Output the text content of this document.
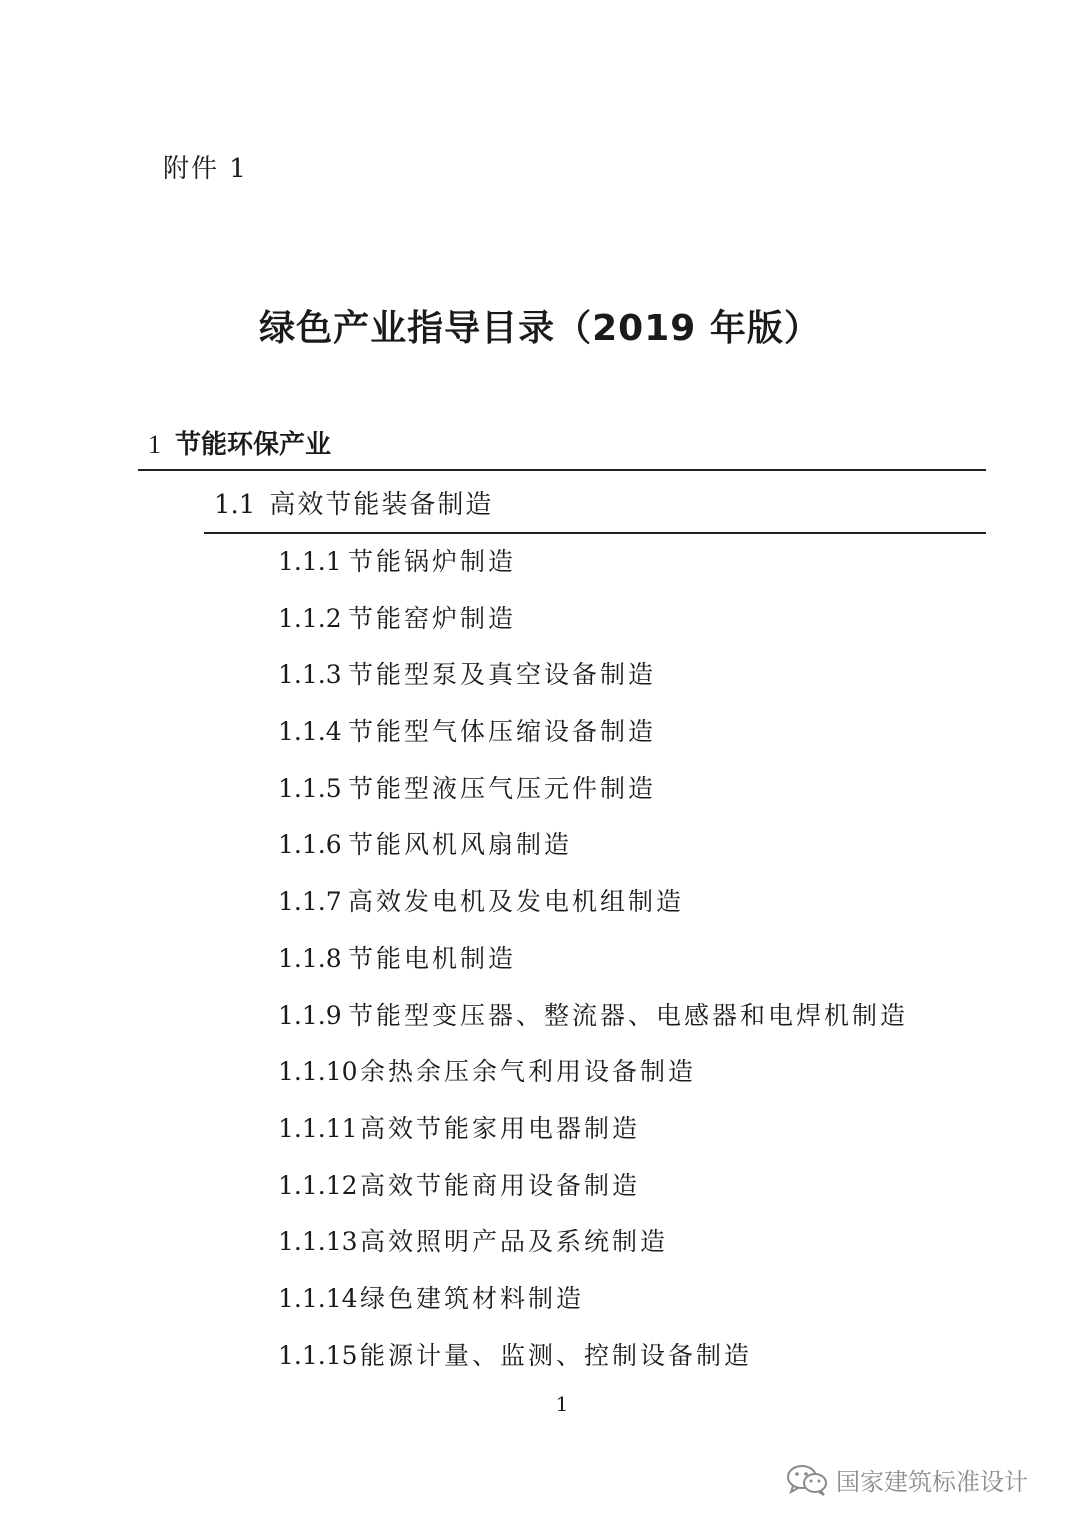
附件 1
绿色产业指导目录（2019 年版）
1 节能环保产业
1.1 高效节能装备制造
1.1.1 节能锅炉制造
1.1.2 节能窑炉制造
1.1.3 节能型泵及真空设备制造
1.1.4 节能型气体压缩设备制造
1.1.5 节能型液压气压元件制造
1.1.6 节能风机风扇制造
1.1.7 高效发电机及发电机组制造
1.1.8 节能电机制造
1.1.9 节能型变压器、整流器、电感器和电焊机制造
1.1.10余热余压余气利用设备制造
1.1.11高效节能家用电器制造
1.1.12高效节能商用设备制造
1.1.13高效照明产品及系统制造
1.1.14绿色建筑材料制造
1.1.15能源计量、监测、控制设备制造
1
国家建筑标准设计
